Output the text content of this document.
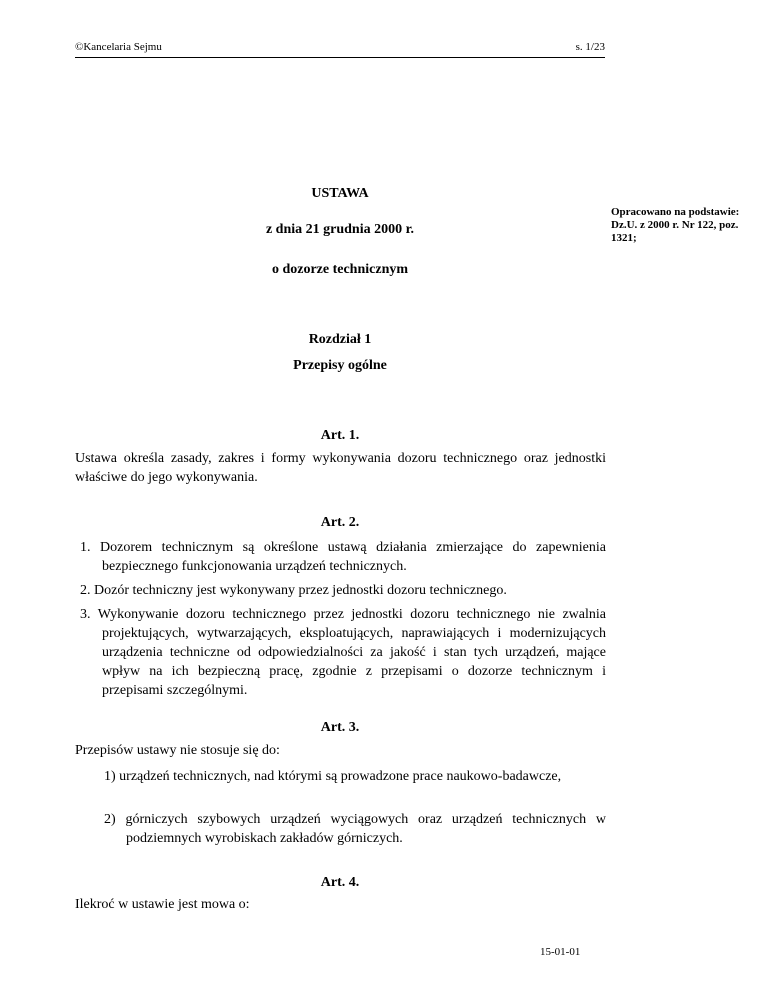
©Kancelaria Sejmu	s. 1/23
USTAWA
z dnia 21 grudnia 2000 r.
o dozorze technicznym
Opracowano na podstawie: Dz.U. z 2000 r. Nr 122, poz. 1321;
Rozdział 1
Przepisy ogólne
Art. 1.
Ustawa określa zasady, zakres i formy wykonywania dozoru technicznego oraz jednostki właściwe do jego wykonywania.
Art. 2.
1. Dozorem technicznym są określone ustawą działania zmierzające do zapewnienia bezpiecznego funkcjonowania urządzeń technicznych.
2. Dozór techniczny jest wykonywany przez jednostki dozoru technicznego.
3. Wykonywanie dozoru technicznego przez jednostki dozoru technicznego nie zwalnia projektujących, wytwarzających, eksploatujących, naprawiających i modernizujących urządzenia techniczne od odpowiedzialności za jakość i stan tych urządzeń, mające wpływ na ich bezpieczną pracę, zgodnie z przepisami o dozorze technicznym i przepisami szczególnymi.
Art. 3.
Przepisów ustawy nie stosuje się do:
1) urządzeń technicznych, nad którymi są prowadzone prace naukowo-badawcze,
2) górniczych szybowych urządzeń wyciągowych oraz urządzeń technicznych w podziemnych wyrobiskach zakładów górniczych.
Art. 4.
Ilekroć w ustawie jest mowa o:
15-01-01
